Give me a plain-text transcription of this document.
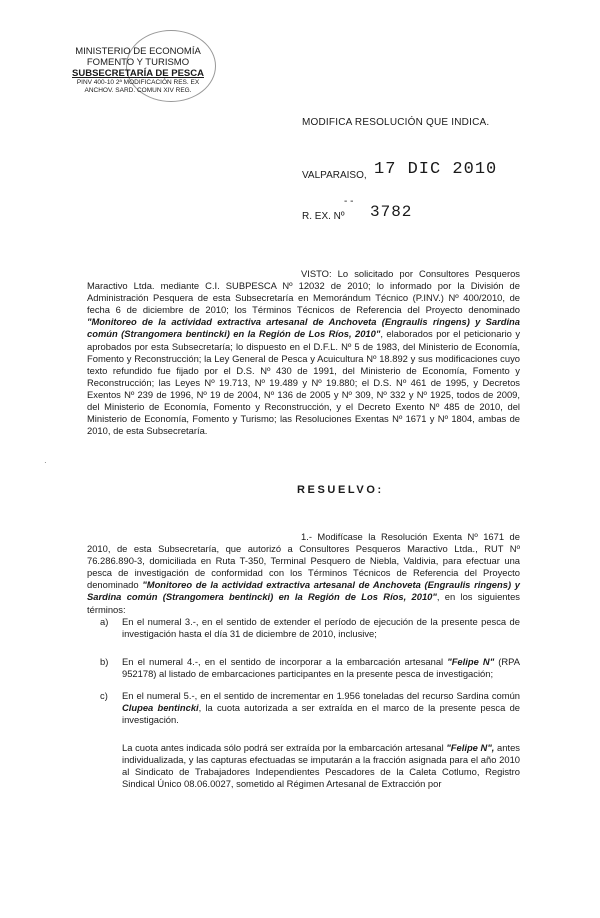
MINISTERIO DE ECONOMÍA
FOMENTO Y TURISMO
SUBSECRETARÍA DE PESCA
PINV 400-10 2ª MODIFICACIÓN RES. EX
ANCHOV. SARD. COMUN XIV REG.
MODIFICA RESOLUCIÓN QUE INDICA.
VALPARAISO, 17 DIC 2010
- -
R. EX. Nº 3782
VISTO: Lo solicitado por Consultores Pesqueros Maractivo Ltda. mediante C.I. SUBPESCA Nº 12032 de 2010; lo informado por la División de Administración Pesquera de esta Subsecretaría en Memorándum Técnico (P.INV.) Nº 400/2010, de fecha 6 de diciembre de 2010; los Términos Técnicos de Referencia del Proyecto denominado "Monitoreo de la actividad extractiva artesanal de Anchoveta (Engraulis ringens) y Sardina común (Strangomera bentincki) en la Región de Los Ríos, 2010", elaborados por el peticionario y aprobados por esta Subsecretaría; lo dispuesto en el D.F.L. Nº 5 de 1983, del Ministerio de Economía, Fomento y Reconstrucción; la Ley General de Pesca y Acuicultura Nº 18.892 y sus modificaciones cuyo texto refundido fue fijado por el D.S. Nº 430 de 1991, del Ministerio de Economía, Fomento y Reconstrucción; las Leyes Nº 19.713, Nº 19.489 y Nº 19.880; el D.S. Nº 461 de 1995, y Decretos Exentos Nº 239 de 1996, Nº 19 de 2004, Nº 136 de 2005 y Nº 309, Nº 332 y Nº 1925, todos de 2009, del Ministerio de Economía, Fomento y Reconstrucción, y el Decreto Exento Nº 485 de 2010, del Ministerio de Economía, Fomento y Turismo; las Resoluciones Exentas Nº 1671 y Nº 1804, ambas de 2010, de esta Subsecretaría.
·
RESUELVO:
1.- Modifícase la Resolución Exenta Nº 1671 de 2010, de esta Subsecretaría, que autorizó a Consultores Pesqueros Maractivo Ltda., RUT Nº 76.286.890-3, domiciliada en Ruta T-350, Terminal Pesquero de Niebla, Valdivia, para efectuar una pesca de investigación de conformidad con los Términos Técnicos de Referencia del Proyecto denominado "Monitoreo de la actividad extractiva artesanal de Anchoveta (Engraulis ringens) y Sardina común (Strangomera bentincki) en la Región de Los Ríos, 2010", en los siguientes términos:
a) En el numeral 3.-, en el sentido de extender el período de ejecución de la presente pesca de investigación hasta el día 31 de diciembre de 2010, inclusive;
b) En el numeral 4.-, en el sentido de incorporar a la embarcación artesanal "Felipe N" (RPA 952178) al listado de embarcaciones participantes en la presente pesca de investigación;
c) En el numeral 5.-, en el sentido de incrementar en 1.956 toneladas del recurso Sardina común Clupea bentincki, la cuota autorizada a ser extraída en el marco de la presente pesca de investigación.
La cuota antes indicada sólo podrá ser extraída por la embarcación artesanal "Felipe N", antes individualizada, y las capturas efectuadas se imputarán a la fracción asignada para el año 2010 al Sindicato de Trabajadores Independientes Pescadores de la Caleta Cotlumo, Registro Sindical Único 08.06.0027, sometido al Régimen Artesanal de Extracción por
